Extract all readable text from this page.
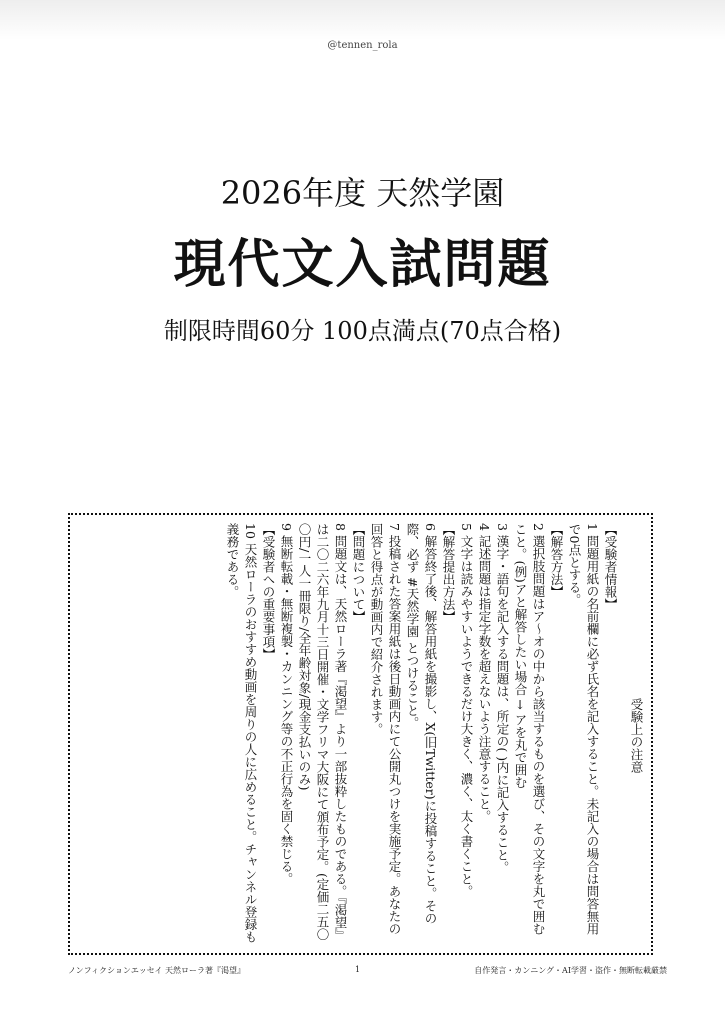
@tennen_rola
2026年度 天然学園
現代文入試問題
制限時間60分 100点満点(70点合格)
受験上の注意
【受験者情報】
1 問題用紙の名前欄に必ず氏名を記入すること。未記入の場合は問答無用で0点とする。
【解答方法】
2 選択肢問題はア〜オの中から該当するものを選び、その文字を丸で囲むこと。(例)アと解答したい場合 → アを丸で囲む
3 漢字・語句を記入する問題は、所定の( )内に記入すること。
4 記述問題は指定字数を超えないよう注意すること。
5 文字は読みやすいようできるだけ大きく、濃く、太く書くこと。
【解答提出方法】
6 解答終了後、解答用紙を撮影し、X(旧Twitter)に投稿すること。その際、必ず #天然学園 とつけること。
7 投稿された答案用紙は後日動画内にて公開丸つけを実施予定。あなたの回答と得点が動画内で紹介されます。
【問題について】
8 問題文は、天然ローラ著『渇望』より一部抜粋したものである。『渇望』は二〇二六年九月十三日開催・文学フリマ大阪にて頒布予定。(定価二五〇〇円/一人一冊限り/全年齢対象/現金支払いのみ)
9 無断転載・無断複製・カンニング等の不正行為を固く禁じる。
【受験者への重要事項】
10 天然ローラのおすすめ動画を周りの人に広めること。チャンネル登録も義務である。
ノンフィクションエッセイ 天然ローラ著『渇望』	1	自作発言・カンニング・AI学習・盗作・無断転載厳禁
